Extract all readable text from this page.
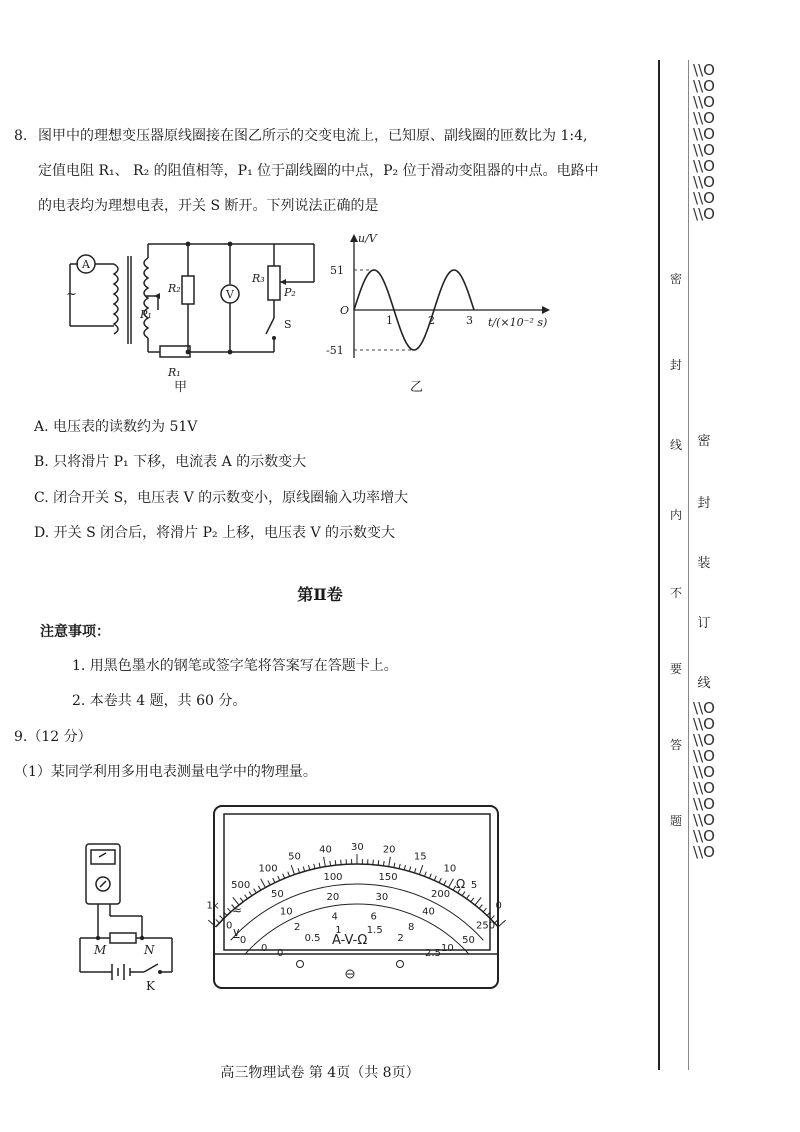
8. 图甲中的理想变压器原线圈接在图乙所示的交变电流上，已知原、副线圈的匝数比为 1:4,
定值电阻 R₁、 R₂ 的阻值相等，P₁ 位于副线圈的中点，P₂ 位于滑动变阻器的中点。电路中
的电表均为理想电表，开关 S 断开。下列说法正确的是
A
V
~
R₁
R₂
R₃
P₁
P₂
S
甲
u/V
O
51
-51
1	2	3 t/(×10⁻² s)
乙
A. 电压表的读数约为 51V
B. 只将滑片 P₁ 下移，电流表 A 的示数变大
C. 闭合开关 S，电压表 V 的示数变小，原线圈输入功率增大
D. 开关 S 闭合后，将滑片 P₂ 上移，电压表 V 的示数变大
第Ⅱ卷
注意事项：
1. 用黑色墨水的钢笔或签字笔将答案写在答题卡上。
2. 本卷共 4 题，共 60 分。
9.（12 分）
（1）某同学利用多用电表测量电学中的物理量。
M	N
K
1k
500
100
50
40 30 20
15
10
5
0
0
50
100	150
200
250
0
10
20	30
40
50
0
2
4	6
8
10
0
0.5
1	1.5
2
2.5
Ω
≈
⊻	A-V-Ω
高三物理试卷 第 4页（共 8页）
密
封
线
内
不
要
答
题
\\O\\O\\O\\O\\O\\O\\O\\O\\O\\O
密
封
装
订
线
\\O\\O\\O\\O\\O\\O\\O\\O\\O\\O
